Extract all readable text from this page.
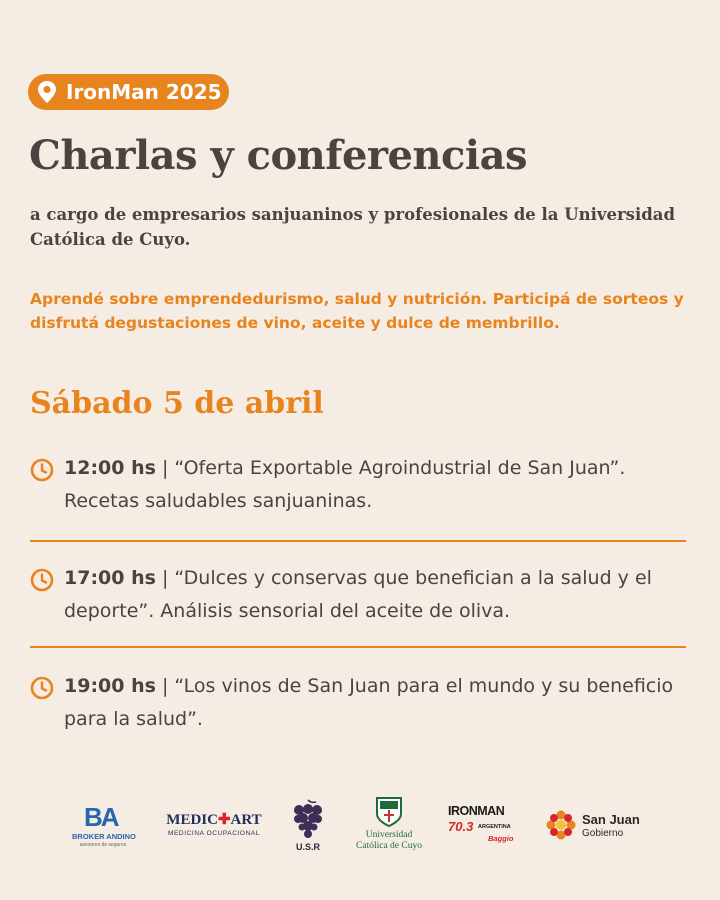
IronMan 2025
Charlas y conferencias

a cargo de empresarios sanjuaninos y profesionales de la Universidad Católica de Cuyo.

Aprendé sobre emprendedurismo, salud y nutrición. Participá de sorteos y disfrutá degustaciones de vino, aceite y dulce de membrillo.

Sábado 5 de abril
12:00 hs | “Oferta Exportable Agroindustrial de San Juan”. Recetas saludables sanjuaninas.
17:00 hs | “Dulces y conservas que benefician a la salud y el deporte”. Análisis sensorial del aceite de oliva.
19:00 hs | “Los vinos de San Juan para el mundo y su beneficio para la salud”.
BA
BROKER ANDINO
asesores de seguros
MEDIC✚ART
MEDICINA OCUPACIONAL
U.S.R
Universidad
Católica de Cuyo
IRONMAN
70.3 ARGENTINA
Baggio
San Juan
Gobierno
